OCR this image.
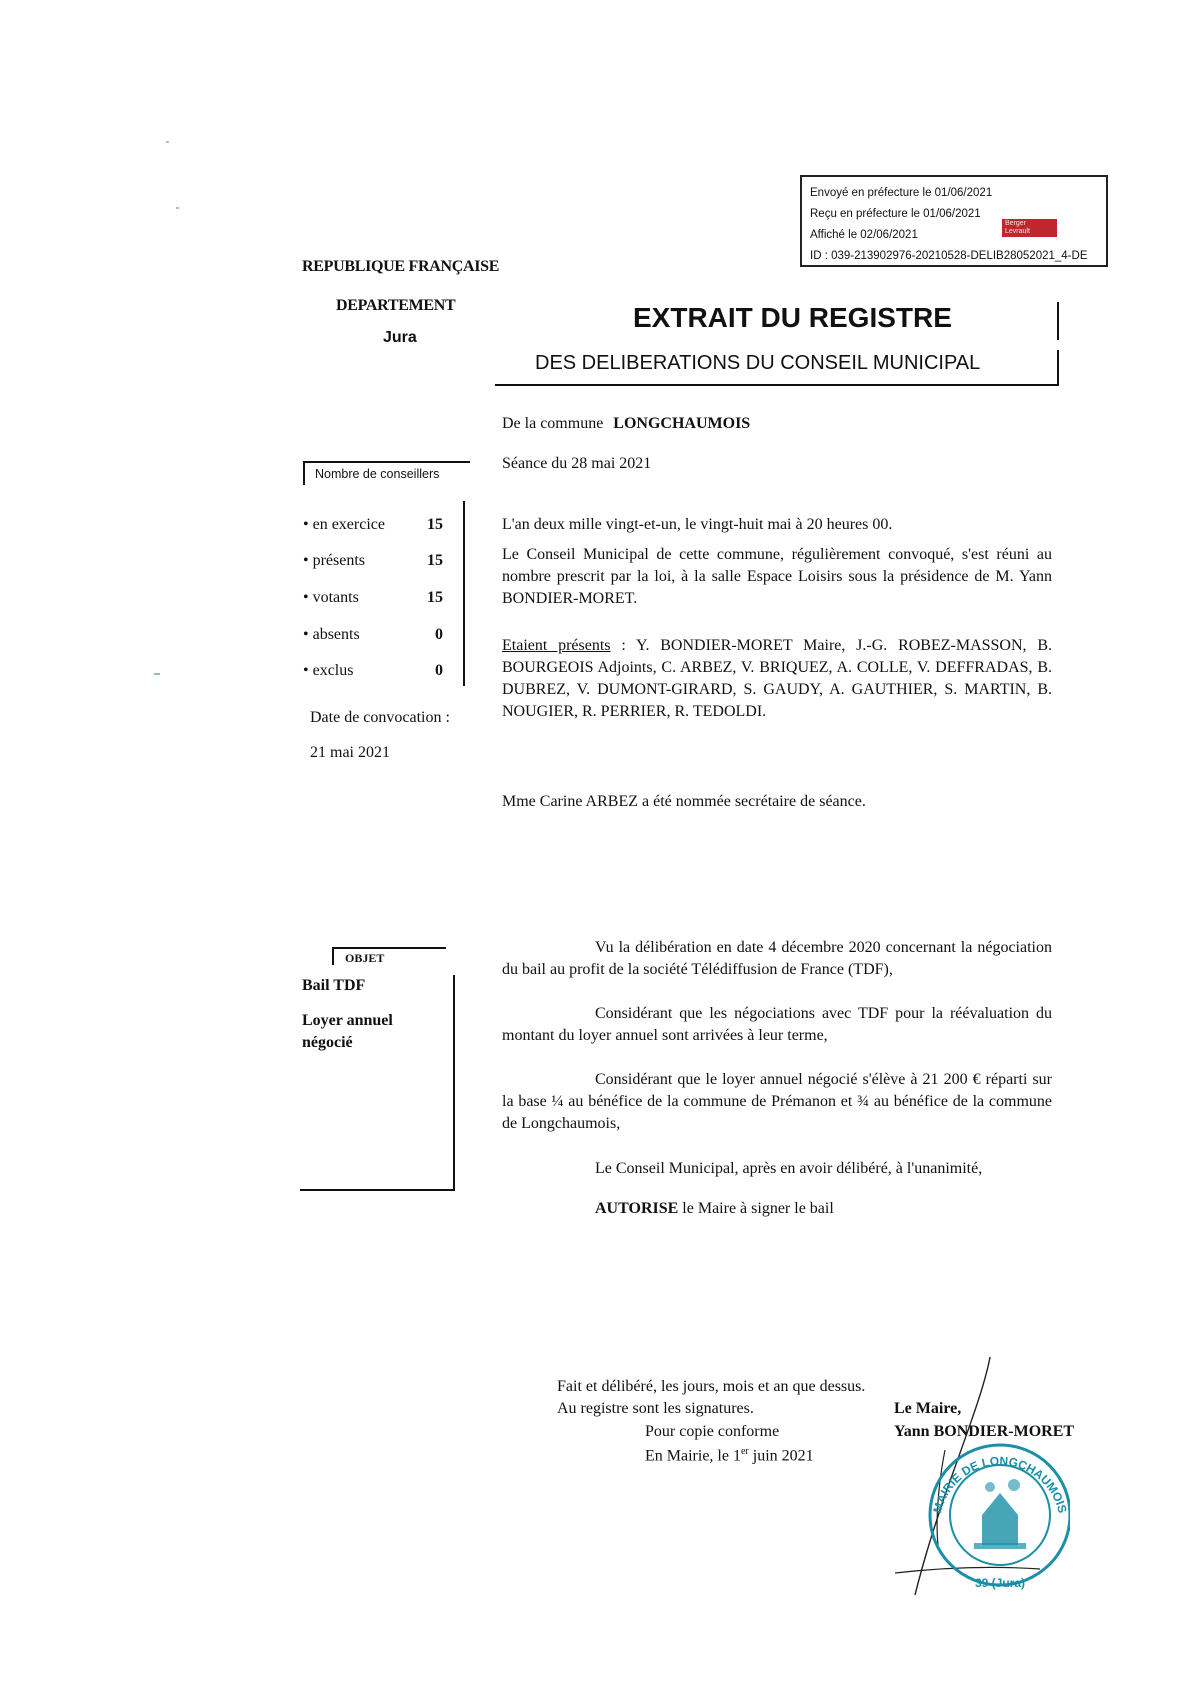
Envoyé en préfecture le 01/06/2021
Reçu en préfecture le 01/06/2021
Affiché le 02/06/2021
ID : 039-213902976-20210528-DELIB28052021_4-DE
Berger
Levrault
REPUBLIQUE FRANÇAISE
DEPARTEMENT
Jura
EXTRAIT DU REGISTRE
DES DELIBERATIONS DU CONSEIL MUNICIPAL
De la commune LONGCHAUMOIS
Séance du 28 mai 2021
Nombre de conseillers
• en exercice	15
• présents	15
• votants	15
• absents	0
• exclus	0
Date de convocation :
21 mai 2021
L'an deux mille vingt-et-un, le vingt-huit mai à 20 heures 00.
Le Conseil Municipal de cette commune, régulièrement convoqué, s'est réuni au nombre prescrit par la loi, à la salle Espace Loisirs sous la présidence de M. Yann BONDIER-MORET.
Etaient présents : Y. BONDIER-MORET Maire, J.-G. ROBEZ-MASSON, B. BOURGEOIS Adjoints, C. ARBEZ, V. BRIQUEZ, A. COLLE, V. DEFFRADAS, B. DUBREZ, V. DUMONT-GIRARD, S. GAUDY, A. GAUTHIER, S. MARTIN, B. NOUGIER, R. PERRIER, R. TEDOLDI.
Mme Carine ARBEZ a été nommée secrétaire de séance.
OBJET
Bail TDF
Loyer annuel négocié
Vu la délibération en date 4 décembre 2020 concernant la négociation du bail au profit de la société Télédiffusion de France (TDF),
Considérant que les négociations avec TDF pour la réévaluation du montant du loyer annuel sont arrivées à leur terme,
Considérant que le loyer annuel négocié s'élève à 21 200 € réparti sur la base ¼ au bénéfice de la commune de Prémanon et ¾ au bénéfice de la commune de Longchaumois,
Le Conseil Municipal, après en avoir délibéré, à l'unanimité,
AUTORISE le Maire à signer le bail
Fait et délibéré, les jours, mois et an que dessus.
Au registre sont les signatures.
Pour copie conforme
En Mairie, le 1er juin 2021
Le Maire,
Yann BONDIER-MORET
MAIRIE DE LONGCHAUMOIS
39 (Jura)
